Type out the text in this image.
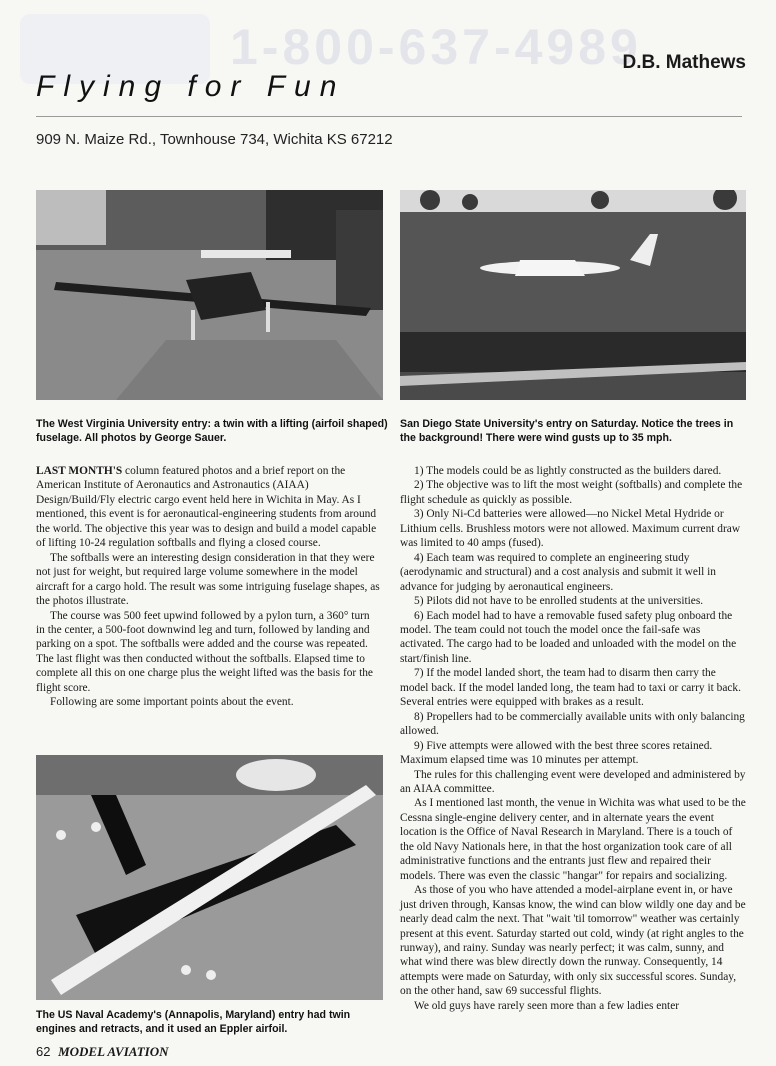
1-800-637-4989
D.B. Mathews
Flying for Fun
909 N. Maize Rd., Townhouse 734, Wichita KS 67212
The West Virginia University entry: a twin with a lifting (airfoil shaped) fuselage. All photos by George Sauer.
San Diego State University's entry on Saturday. Notice the trees in the background! There were wind gusts up to 35 mph.

LAST MONTH'S column featured photos and a brief report on the American Institute of Aeronautics and Astronautics (AIAA) Design/Build/Fly electric cargo event held here in Wichita in May. As I mentioned, this event is for aeronautical-engineering students from around the world. The objective this year was to design and build a model capable of lifting 10-24 regulation softballs and flying a closed course.

The softballs were an interesting design consideration in that they were not just for weight, but required large volume somewhere in the model aircraft for a cargo hold. The result was some intriguing fuselage shapes, as the photos illustrate.

The course was 500 feet upwind followed by a pylon turn, a 360° turn in the center, a 500-foot downwind leg and turn, followed by landing and parking on a spot. The softballs were added and the course was repeated. The last flight was then conducted without the softballs. Elapsed time to complete all this on one charge plus the weight lifted was the basis for the flight score.

Following are some important points about the event.

The US Naval Academy's (Annapolis, Maryland) entry had twin engines and retracts, and it used an Eppler airfoil.

1) The models could be as lightly constructed as the builders dared.

2) The objective was to lift the most weight (softballs) and complete the flight schedule as quickly as possible.

3) Only Ni-Cd batteries were allowed—no Nickel Metal Hydride or Lithium cells. Brushless motors were not allowed. Maximum current draw was limited to 40 amps (fused).

4) Each team was required to complete an engineering study (aerodynamic and structural) and a cost analysis and submit it well in advance for judging by aeronautical engineers.

5) Pilots did not have to be enrolled students at the universities.

6) Each model had to have a removable fused safety plug onboard the model. The team could not touch the model once the fail-safe was activated. The cargo had to be loaded and unloaded with the model on the start/finish line.

7) If the model landed short, the team had to disarm then carry the model back. If the model landed long, the team had to taxi or carry it back. Several entries were equipped with brakes as a result.

8) Propellers had to be commercially available units with only balancing allowed.

9) Five attempts were allowed with the best three scores retained. Maximum elapsed time was 10 minutes per attempt.

The rules for this challenging event were developed and administered by an AIAA committee.

As I mentioned last month, the venue in Wichita was what used to be the Cessna single-engine delivery center, and in alternate years the event location is the Office of Naval Research in Maryland. There is a touch of the old Navy Nationals here, in that the host organization took care of all administrative functions and the entrants just flew and repaired their models. There was even the classic "hangar" for repairs and socializing.

As those of you who have attended a model-airplane event in, or have just driven through, Kansas know, the wind can blow wildly one day and be nearly dead calm the next. That "wait 'til tomorrow" weather was certainly present at this event. Saturday started out cold, windy (at right angles to the runway), and rainy. Sunday was nearly perfect; it was calm, sunny, and what wind there was blew directly down the runway. Consequently, 14 attempts were made on Saturday, with only six successful scores. Sunday, on the other hand, saw 69 successful flights.

We old guys have rarely seen more than a few ladies enter

62 MODEL AVIATION
